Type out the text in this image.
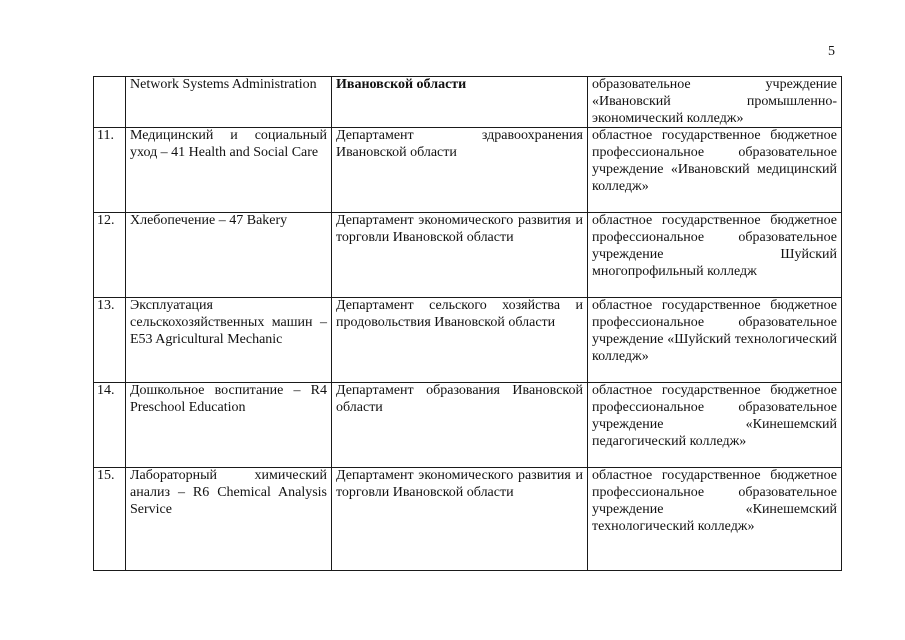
5
	Network Systems Administration	Ивановской области	образовательное учреждение «Ивановский промышленно-экономический колледж»
11.	Медицинский и социальный уход – 41 Health and Social Care	Департамент здравоохранения Ивановской области	областное государственное бюджетное профессиональное образовательное учреждение «Ивановский медицинский колледж»
12.	Хлебопечение – 47 Bakery	Департамент экономического развития и торговли Ивановской области	областное государственное бюджетное профессиональное образовательное учреждение Шуйский многопрофильный колледж
13.	Эксплуатация сельскохозяйственных машин – E53 Agricultural Mechanic	Департамент сельского хозяйства и продовольствия Ивановской области	областное государственное бюджетное профессиональное образовательное учреждение «Шуйский технологический колледж»
14.	Дошкольное воспитание – R4 Preschool Education	Департамент образования Ивановской области	областное государственное бюджетное профессиональное образовательное учреждение «Кинешемский педагогический колледж»
15.	Лабораторный химический анализ – R6 Chemical Analysis Service	Департамент экономического развития и торговли Ивановской области	областное государственное бюджетное профессиональное образовательное учреждение «Кинешемский технологический колледж»
